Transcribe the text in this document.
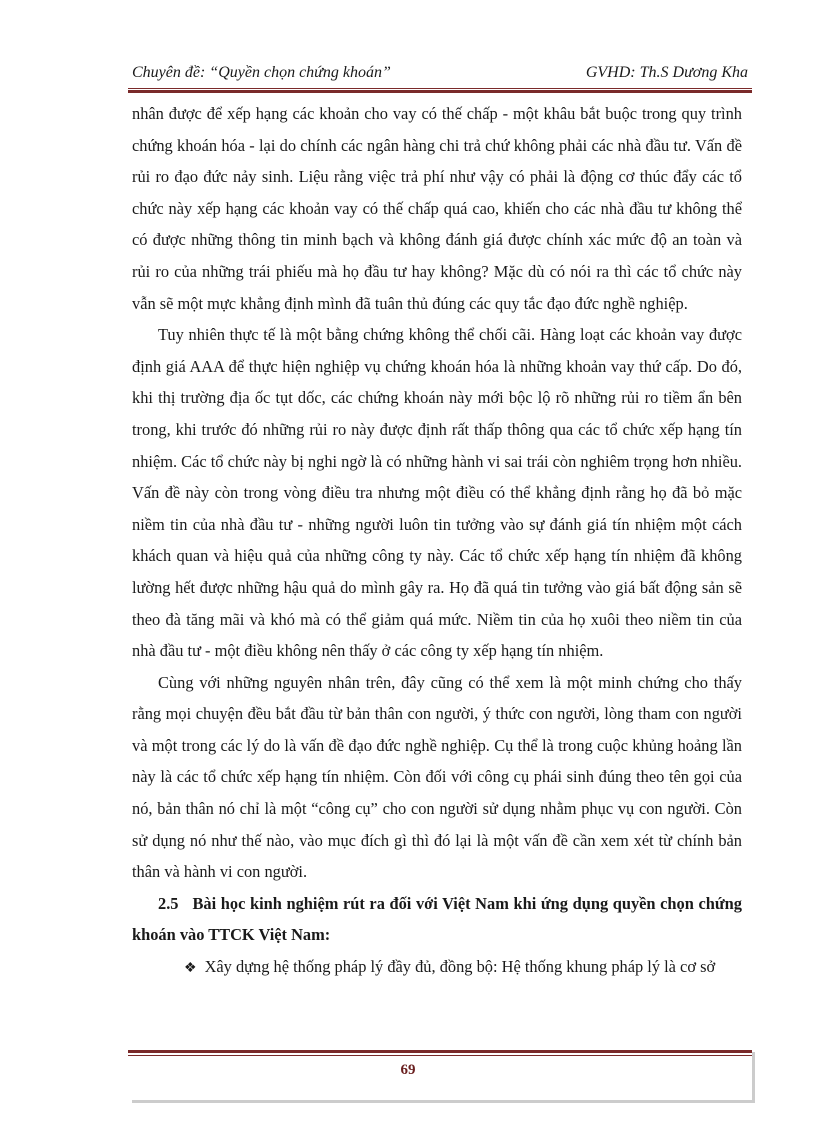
Chuyên đề: “Quyền chọn chứng khoán”	GVHD: Th.S Dương Kha

nhân được để xếp hạng các khoản cho vay có thế chấp - một khâu bắt buộc trong quy trình chứng khoán hóa - lại do chính các ngân hàng chi trả chứ không phải các nhà đầu tư. Vấn đề rủi ro đạo đức nảy sinh. Liệu rằng việc trả phí như vậy có phải là động cơ thúc đẩy các tổ chức này xếp hạng các khoản vay có thế chấp quá cao, khiến cho các nhà đầu tư không thể có được những thông tin minh bạch và không đánh giá được chính xác mức độ an toàn và rủi ro của những trái phiếu mà họ đầu tư hay không? Mặc dù có nói ra thì các tổ chức này vẫn sẽ một mực khẳng định mình đã tuân thủ đúng các quy tắc đạo đức nghề nghiệp.

Tuy nhiên thực tế là một bằng chứng không thể chối cãi. Hàng loạt các khoản vay được định giá AAA để thực hiện nghiệp vụ chứng khoán hóa là những khoản vay thứ cấp. Do đó, khi thị trường địa ốc tụt dốc, các chứng khoán này mới bộc lộ rõ những rủi ro tiềm ẩn bên trong, khi trước đó những rủi ro này được định rất thấp thông qua các tổ chức xếp hạng tín nhiệm. Các tổ chức này bị nghi ngờ là có những hành vi sai trái còn nghiêm trọng hơn nhiều. Vấn đề này còn trong vòng điều tra nhưng một điều có thể khẳng định rằng họ đã bỏ mặc niềm tin của nhà đầu tư - những người luôn tin tưởng vào sự đánh giá tín nhiệm một cách khách quan và hiệu quả của những công ty này. Các tổ chức xếp hạng tín nhiệm đã không lường hết được những hậu quả do mình gây ra. Họ đã quá tin tưởng vào giá bất động sản sẽ theo đà tăng mãi và khó mà có thể giảm quá mức. Niềm tin của họ xuôi theo niềm tin của nhà đầu tư - một điều không nên thấy ở các công ty xếp hạng tín nhiệm.

Cùng với những nguyên nhân trên, đây cũng có thể xem là một minh chứng cho thấy rằng mọi chuyện đều bắt đầu từ bản thân con người, ý thức con người, lòng tham con người và một trong các lý do là vấn đề đạo đức nghề nghiệp. Cụ thể là trong cuộc khủng hoảng lần này là các tổ chức xếp hạng tín nhiệm. Còn đối với công cụ phái sinh đúng theo tên gọi của nó, bản thân nó chỉ là một “công cụ” cho con người sử dụng nhằm phục vụ con người. Còn sử dụng nó như thế nào, vào mục đích gì thì đó lại là một vấn đề cần xem xét từ chính bản thân và hành vi con người.

2.5 Bài học kinh nghiệm rút ra đối với Việt Nam khi ứng dụng quyền chọn chứng khoán vào TTCK Việt Nam:

❖ Xây dựng hệ thống pháp lý đầy đủ, đồng bộ: Hệ thống khung pháp lý là cơ sở

69
